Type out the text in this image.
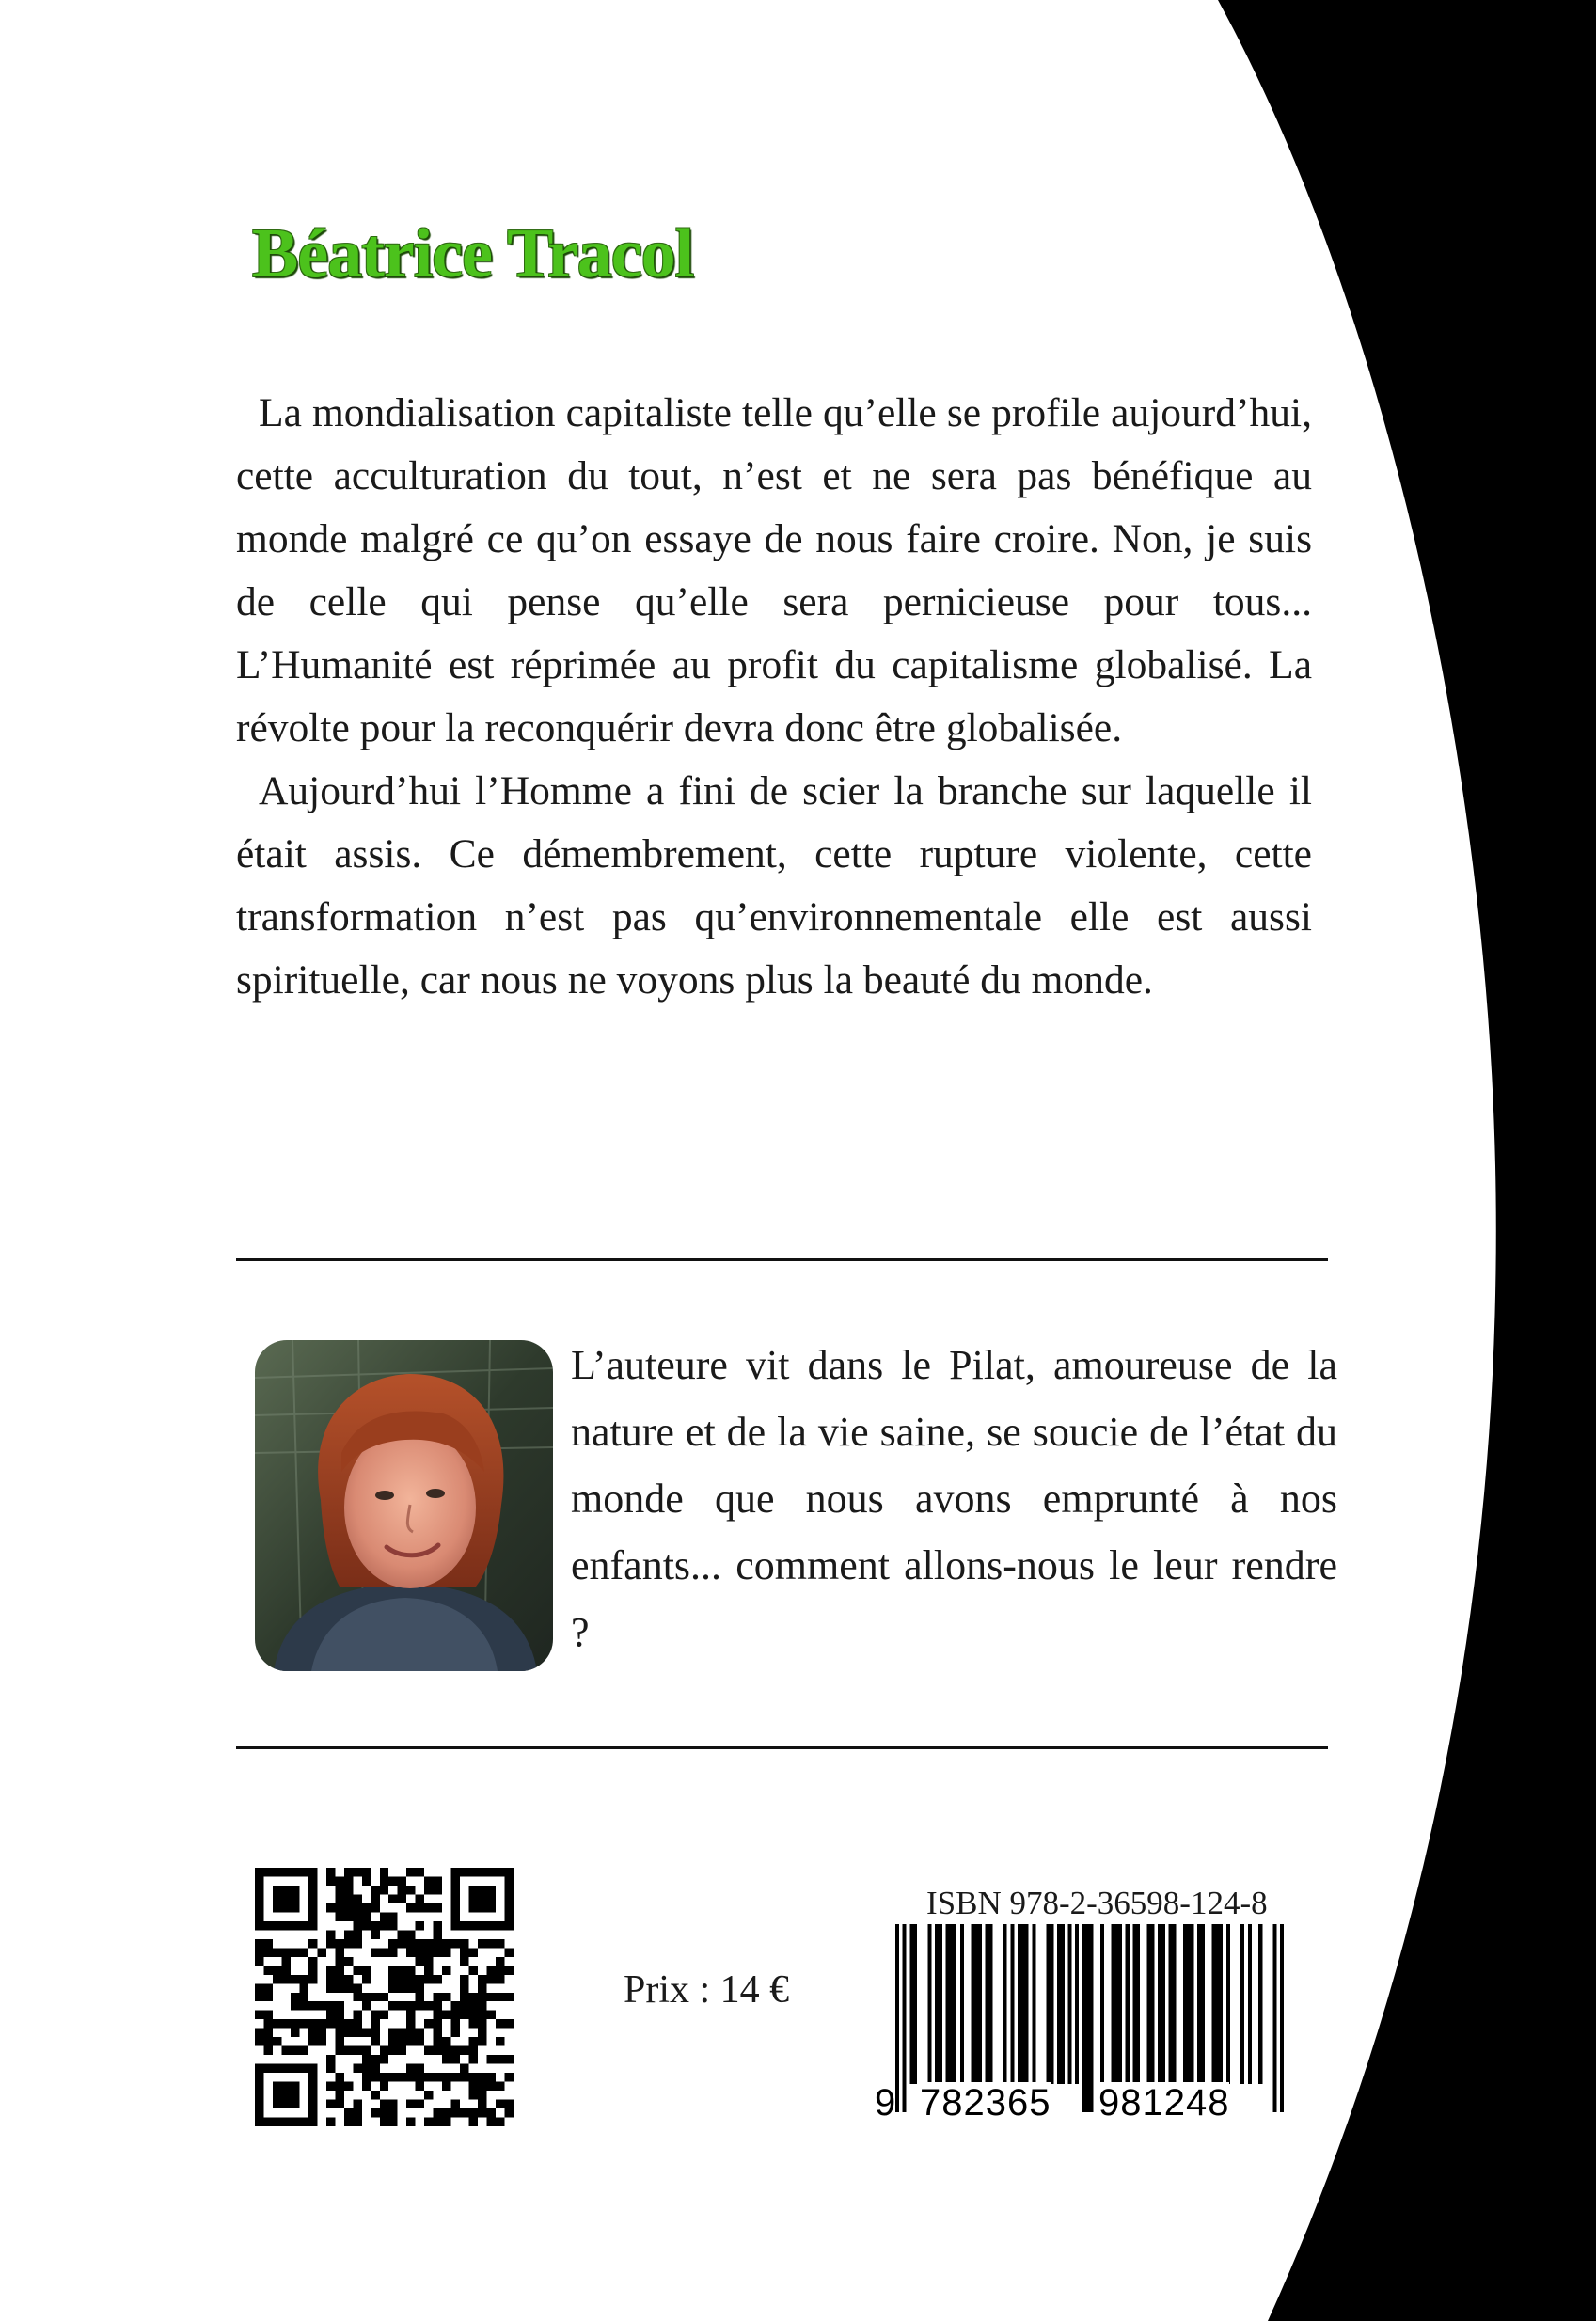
Béatrice Tracol

La mondialisation capitaliste telle qu’elle se profile aujourd’hui, cette acculturation du tout, n’est et ne sera pas bénéfique au monde malgré ce qu’on essaye de nous faire croire. Non, je suis de celle qui pense qu’elle sera pernicieuse pour tous... L’Humanité est réprimée au profit du capitalisme globalisé. La révolte pour la reconquérir devra donc être globalisée.

Aujourd’hui l’Homme a fini de scier la branche sur laquelle il était assis. Ce démembrement, cette rupture violente, cette transformation n’est pas qu’environnementale elle est aussi spirituelle, car nous ne voyons plus la beauté du monde.

L’auteure vit dans le Pilat, amoureuse de la nature et de la vie saine, se soucie de l’état du monde que nous avons emprunté à nos enfants... comment allons-nous le leur rendre ?
Prix : 14 €
ISBN 978-2-36598-124-8
9 782365 981248
